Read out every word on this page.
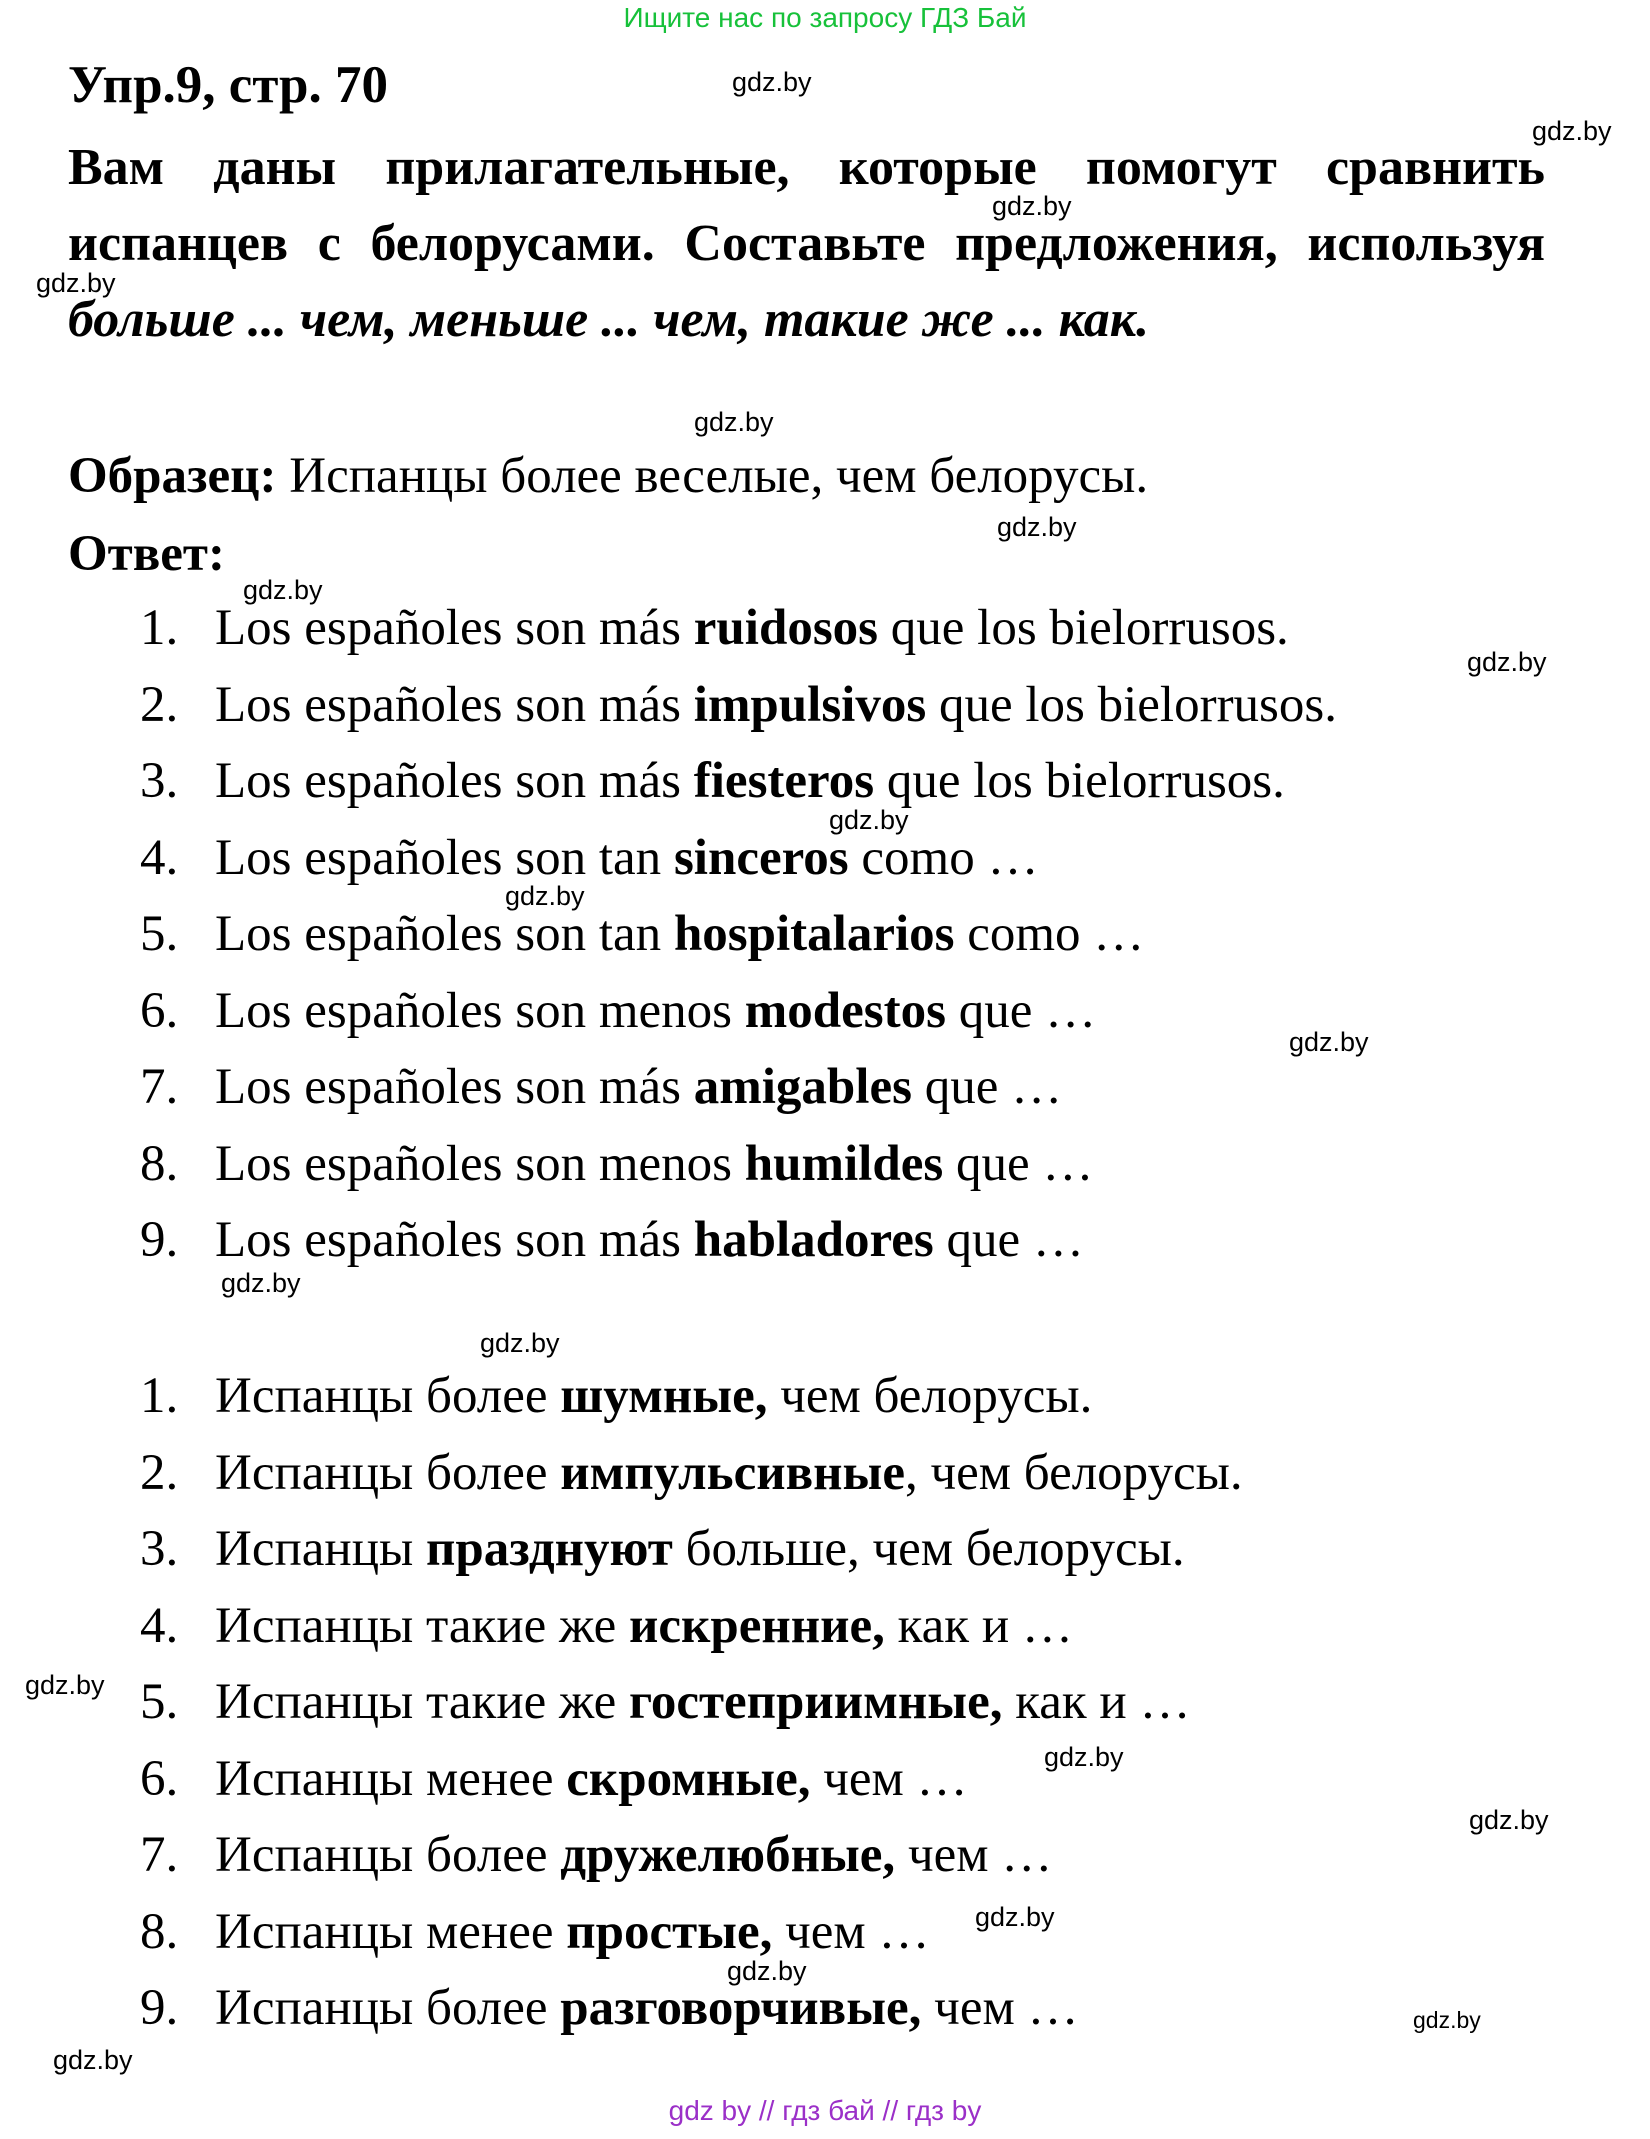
Ищите нас по запросу ГДЗ Бай
Упр.9, стр. 70
Вам даны прилагательные, которые помогут сравнить испанцев с белорусами. Составьте предложения, используя больше ... чем, меньше ... чем, такие же ... как.
Образец: Испанцы более веселые, чем белорусы.
Ответ:
1. Los españoles son más ruidosos que los bielorrusos.
2. Los españoles son más impulsivos que los bielorrusos.
3. Los españoles son más fiesteros que los bielorrusos.
4. Los españoles son tan sinceros como …
5. Los españoles son tan hospitalarios como …
6. Los españoles son menos modestos que …
7. Los españoles son más amigables que …
8. Los españoles son menos humildes que …
9. Los españoles son más habladores que …
1. Испанцы более шумные, чем белорусы.
2. Испанцы более импульсивные, чем белорусы.
3. Испанцы празднуют больше, чем белорусы.
4. Испанцы такие же искренние, как и …
5. Испанцы такие же гостеприимные, как и …
6. Испанцы менее скромные, чем …
7. Испанцы более дружелюбные, чем …
8. Испанцы менее простые, чем …
9. Испанцы более разговорчивые, чем …
gdz.by
gdz.by
gdz.by
gdz.by
gdz.by
gdz.by
gdz.by
gdz.by
gdz.by
gdz.by
gdz.by
gdz.by
gdz.by
gdz.by
gdz.by
gdz.by
gdz.by
gdz.by
gdz.by
gdz.by
gdz by // гдз бай // гдз by
